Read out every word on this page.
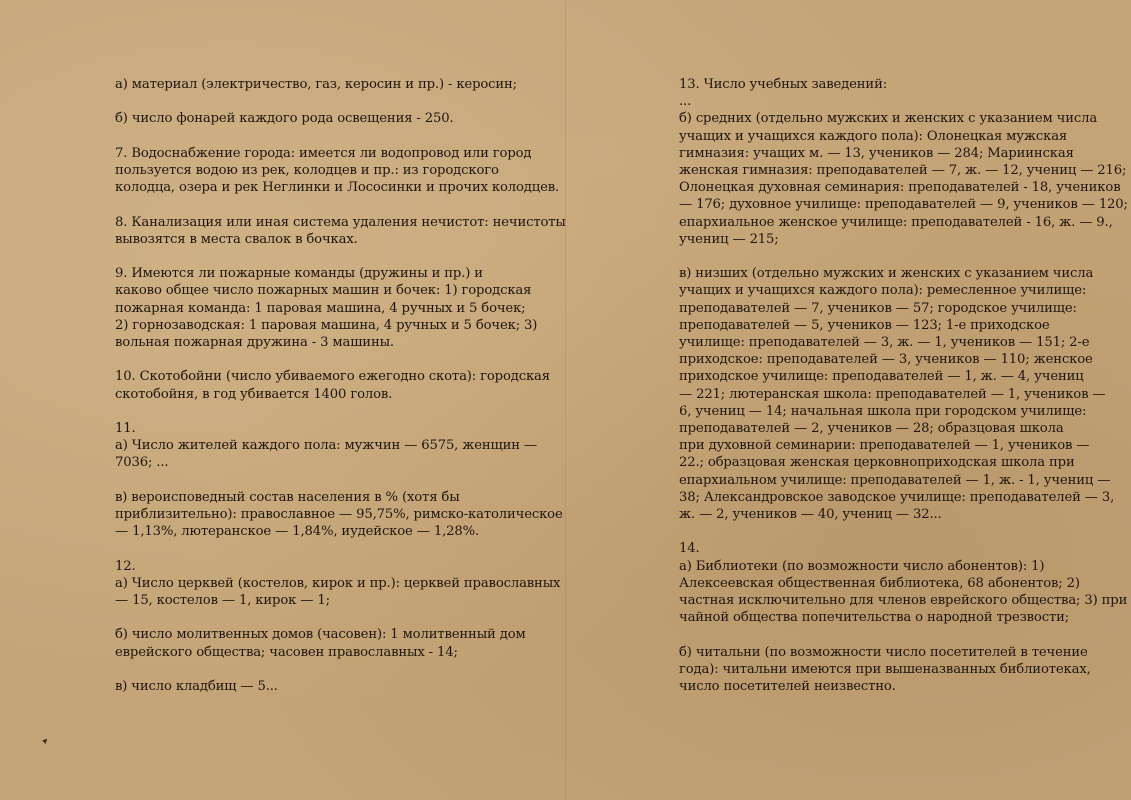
а) материал (электричество, газ, керосин и пр.) - керосин;
б) число фонарей каждого рода освещения - 250.
7. Водоснабжение города: имеется ли водопровод или город
пользуется водою из рек, колодцев и пр.: из городского
колодца, озера и рек Неглинки и Лососинки и прочих колодцев.
8. Канализация или иная система удаления нечистот: нечистоты
вывозятся в места свалок в бочках.
9. Имеются ли пожарные команды (дружины и пр.) и
каково общее число пожарных машин и бочек: 1) городская
пожарная команда: 1 паровая машина, 4 ручных и 5 бочек;
2) горнозаводская: 1 паровая машина, 4 ручных и 5 бочек; 3)
вольная пожарная дружина - 3 машины.
10. Скотобойни (число убиваемого ежегодно скота): городская
скотобойня, в год убивается 1400 голов.
11.
а) Число жителей каждого пола: мужчин — 6575, женщин —
7036; ...
в) вероисповедный состав населения в % (хотя бы
приблизительно): православное — 95,75%, римско-католическое
— 1,13%, лютеранское — 1,84%, иудейское — 1,28%.
12.
а) Число церквей (костелов, кирок и пр.): церквей православных
— 15, костелов — 1, кирок — 1;
б) число молитвенных домов (часовен): 1 молитвенный дом
еврейского общества; часовен православных - 14;
в) число кладбищ — 5...
13. Число учебных заведений:
...
б) средних (отдельно мужских и женских с указанием числа
учащих и учащихся каждого пола): Олонецкая мужская
гимназия: учащих м. — 13, учеников — 284; Мариинская
женская гимназия: преподавателей — 7, ж. — 12, учениц — 216;
Олонецкая духовная семинария: преподавателей - 18, учеников
— 176; духовное училище: преподавателей — 9, учеников — 120;
епархиальное женское училище: преподавателей - 16, ж. — 9.,
учениц — 215;
в) низших (отдельно мужских и женских с указанием числа
учащих и учащихся каждого пола): ремесленное училище:
преподавателей — 7, учеников — 57; городское училище:
преподавателей — 5, учеников — 123; 1-е приходское
училище: преподавателей — 3, ж. — 1, учеников — 151; 2-е
приходское: преподавателей — 3, учеников — 110; женское
приходское училище: преподавателей — 1, ж. — 4, учениц
— 221; лютеранская школа: преподавателей — 1, учеников —
6, учениц — 14; начальная школа при городском училище:
преподавателей — 2, учеников — 28; образцовая школа
при духовной семинарии: преподавателей — 1, учеников —
22.; образцовая женская церковноприходская школа при
епархиальном училище: преподавателей — 1, ж. - 1, учениц —
38; Александровское заводское училище: преподавателей — 3,
ж. — 2, учеников — 40, учениц — 32...
14.
а) Библиотеки (по возможности число абонентов): 1)
Алексеевская общественная библиотека, 68 абонентов; 2)
частная исключительно для членов еврейского общества; 3) при
чайной общества попечительства о народной трезвости;
б) читальни (по возможности число посетителей в течение
года): читальни имеются при вышеназванных библиотеках,
число посетителей неизвестно.
